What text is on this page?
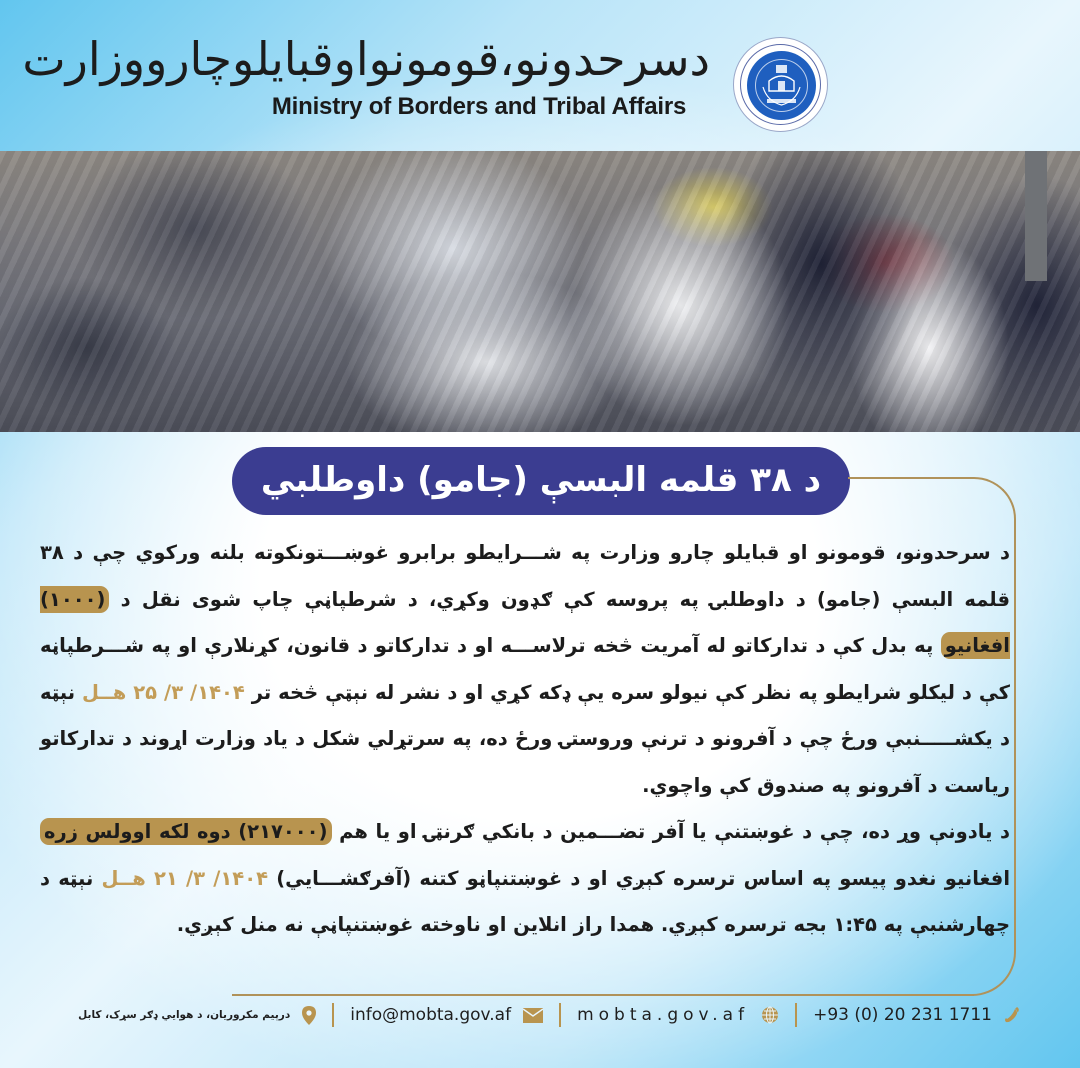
دسرحدونو،قومونواوقبايلوچارووزارت
Ministry of Borders and Tribal Affairs
د ۳۸ قلمه البسې (جامو) داوطلبي

د سرحدونو، قومونو او قبايلو چارو وزارت په شـــرايطو برابرو غوښـــتونکوته بلنه ورکوي چې د ۳۸ قلمه البسې (جامو) د داوطلبۍ په پروسه کې ګډون وکړي، د شرطپاڼې چاپ شوی نقل د (۱۰۰۰) افغانیو په بدل کې د تدارکاتو له آمریت څخه ترلاســـه او د تدارکاتو د قانون، کړنلارې او په شـــرطپاڼه کې د ليکلو شرايطو په نظر کې نيولو سره يې ډکه کړي او د نشر له نېټې څخه تر ۱۴۰۴/ ۳/ ۲۵ هــل نېټه د يکشـــــنبې ورځ چې د آفرونو د ترنې وروستۍ ورځ ده، په سرتړلي شکل د ياد وزارت اړوند د تدارکاتو رياست د آفرونو په صندوق کې واچوي.

د يادونې وړ ده، چې د غوښتنې يا آفر تضـــمين د بانکي ګرنټۍ او يا هم (۲۱۷۰۰۰) دوه لکه اوولس زره افغانيو نغدو پيسو په اساس ترسره کېږي او د غوښتنپاڼو کتنه (آفرګشـــايي) ۱۴۰۴/ ۳/ ۲۱ هــل نېټه د چهارشنبې په ۱:۴۵ بجه ترسره کېږي. همدا راز انلاين او ناوخته غوښتنپاڼې نه منل کېږي.

+93 (0) 20 231 1711
mobta.gov.af
info@mobta.gov.af
درېيم مکروريان، د هوايي ډګر سړک، کابل
